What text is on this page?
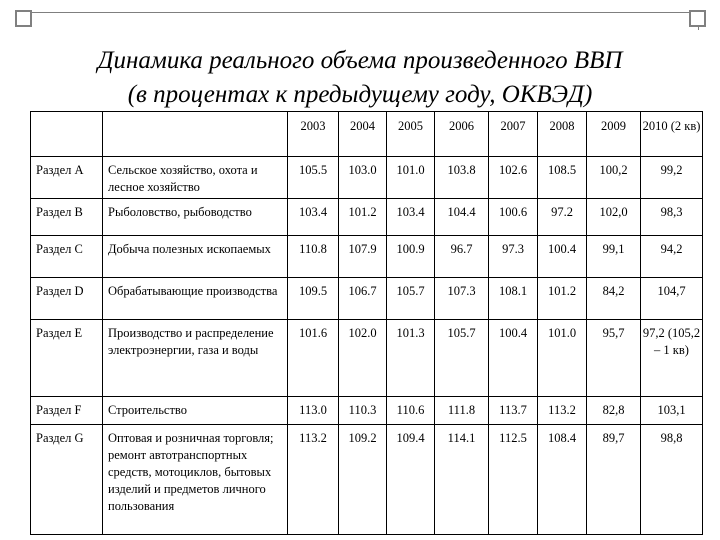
Динамика реального объема произведенного ВВП
(в процентах к предыдущему году, ОКВЭД)
		2003	2004	2005	2006	2007	2008	2009	2010 (2 кв)
Раздел A	Сельское хозяйство, охота и лесное хозяйство	105.5	103.0	101.0	103.8	102.6	108.5	100,2	99,2
Раздел B	Рыболовство, рыбоводство	103.4	101.2	103.4	104.4	100.6	97.2	102,0	98,3
Раздел C	Добыча полезных ископаемых	110.8	107.9	100.9	96.7	97.3	100.4	99,1	94,2
Раздел D	Обрабатывающие производства	109.5	106.7	105.7	107.3	108.1	101.2	84,2	104,7
Раздел E	Производство и распределение электроэнергии, газа и воды	101.6	102.0	101.3	105.7	100.4	101.0	95,7	97,2 (105,2 – 1 кв)
Раздел F	Строительство	113.0	110.3	110.6	111.8	113.7	113.2	82,8	103,1
Раздел G	Оптовая и розничная торговля; ремонт автотранспортных средств, мотоциклов, бытовых изделий и предметов личного пользования	113.2	109.2	109.4	114.1	112.5	108.4	89,7	98,8
